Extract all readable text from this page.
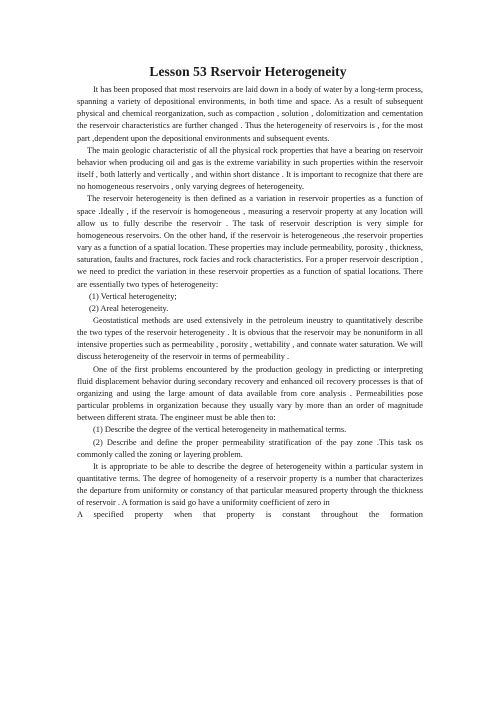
Lesson 53 Rservoir Heterogeneity

It has been proposed that most reservoirs are laid down in a body of water by a long-term process, spanning a variety of depositional environments, in both time and space. As a result of subsequent physical and chemical reorganization, such as compaction , solution , dolomitization and cementation the reservoir characteristics are further changed . Thus the heterogeneity of reservoirs is , for the most part ,dependent upon the depositional environments and subsequent events.

The main geologic characteristic of all the physical rock properties that have a bearing on reservoir behavior when producing oil and gas is the extreme variability in such properties within the reservoir itself , both latterly and vertically , and within short distance . It is important to recognize that there are no homogeneous reservoirs , only varying degrees of heterogeneity.

The reservoir heterogeneity is then defined as a variation in reservoir properties as a function of space .Ideally , if the reservoir is homogeneous , measuring a reservoir property at any location will allow us to fully describe the reservoir . The task of reservoir description is very simple for homogeneous reservoirs. On the other hand, if the reservoir is heterogeneous ,the reservoir properties vary as a function of a spatial location. These properties may include permeability, porosity , thickness, saturation, faults and fractures, rock facies and rock characteristics. For a proper reservoir description , we need to predict the variation in these reservoir properties as a function of spatial locations. There are essentially two types of heterogeneity:

(1) Vertical heterogeneity;

(2) Areal heterogeneity.

Geostatistical methods are used extensively in the petroleum ineustry to quantitatively describe the two types of the reservoir heterogeneity . It is obvious that the reservoir may be nonuniform in all intensive properties such as permeability , porosity , wettability , and connate water saturation. We will discuss heterogeneity of the reservoir in terms of permeability .

One of the first problems encountered by the production geology in predicting or interpreting fluid displacement behavior during secondary recovery and enhanced oil recovery processes is that of organizing and using the large amount of data available from core analysis . Permeabilities pose particular problems in organization because they usually vary by more than an order of magnitude between different strata. The engineer must be able then to:

(1) Describe the degree of the vertical heterogeneity in mathematical terms.

(2) Describe and define the proper permeability stratification of the pay zone .This task os commonly called the zoning or layering problem.

It is appropriate to be able to describe the degree of heterogeneity within a particular system in quantitative terms. The degree of homogeneity of a reservoir property is a number that characterizes the departure from uniformity or constancy of that particular measured property through the thickness of reservoir . A formation is said go have a uniformity coefficient of zero in

A specified property when that property is constant throughout the formation
